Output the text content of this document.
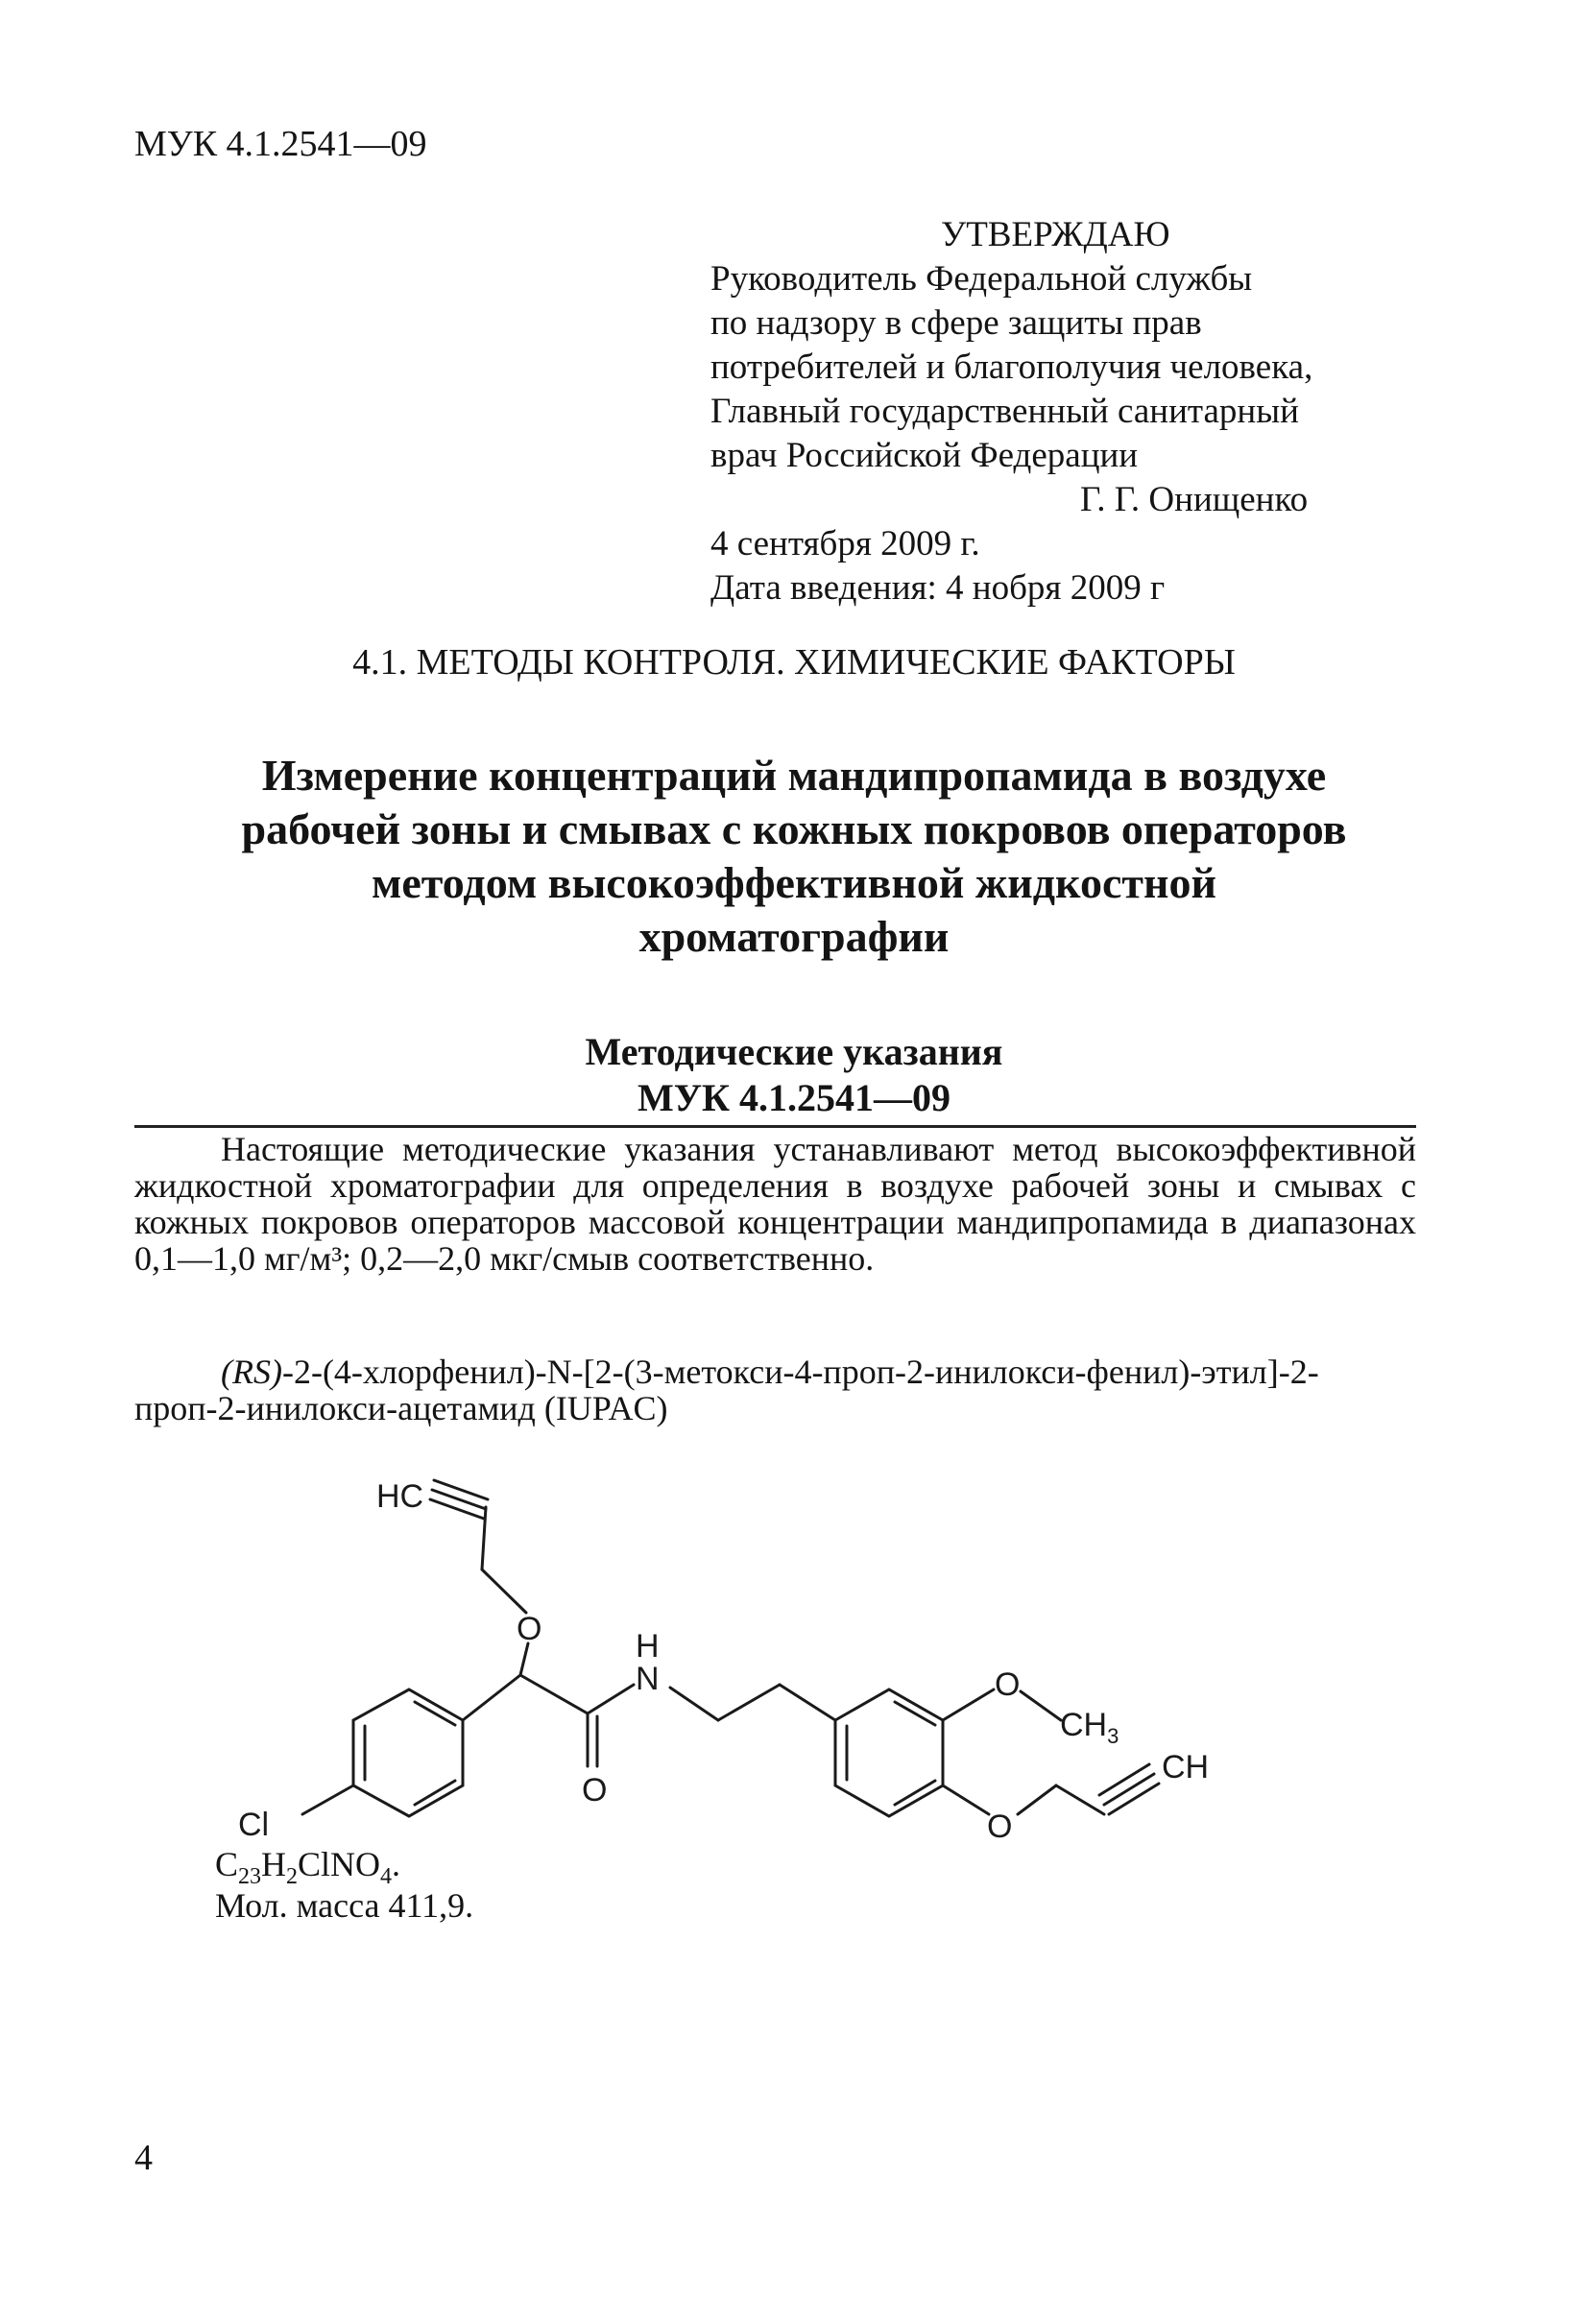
МУК 4.1.2541—09
УТВЕРЖДАЮ
Руководитель Федеральной службы
по надзору в сфере защиты прав
потребителей и благополучия человека,
Главный государственный санитарный
врач Российской Федерации
Г. Г. Онищенко
4 сентября 2009 г.
Дата введения: 4 нобря 2009 г
4.1. МЕТОДЫ КОНТРОЛЯ. ХИМИЧЕСКИЕ ФАКТОРЫ
Измерение концентраций мандипропамида в воздухе
рабочей зоны и смывах с кожных покровов операторов
методом высокоэффективной жидкостной
хроматографии
Методические указания
МУК 4.1.2541—09
Настоящие методические указания устанавливают метод высокоэффективной жидкостной хроматографии для определения в воздухе рабочей зоны и смывах с кожных покровов операторов массовой концентрации мандипропамида в диапазонах 0,1—1,0 мг/м³; 0,2—2,0 мкг/смыв соответственно.
(RS)-2-(4-хлорфенил)-N-[2-(3-метокси-4-проп-2-инилокси-фенил)-этил]-2-проп-2-инилокси-ацетамид (IUPAC)
HC
O	H
N
O
Cl
O
$CH_3$
O
CH
$C_{23}H_2ClNO_4$.
Мол. масса 411,9.
4
